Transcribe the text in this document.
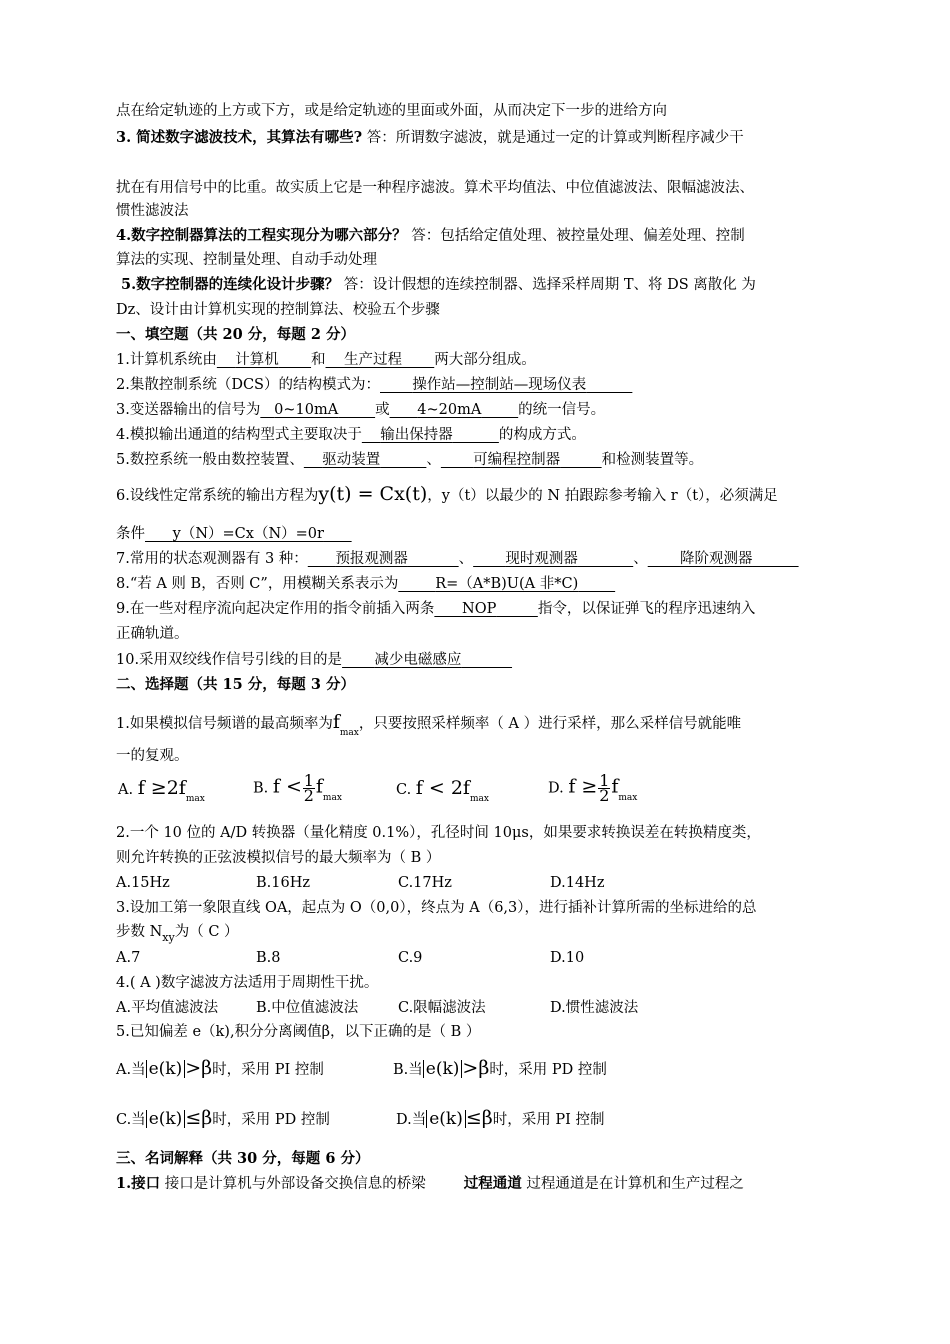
点在给定轨迹的上方或下方，或是给定轨迹的里面或外面，从而决定下一步的进给方向
3. 简述数字滤波技术，其算法有哪些? 答：所谓数字滤波，就是通过一定的计算或判断程序减少干
扰在有用信号中的比重。故实质上它是一种程序滤波。算术平均值法、中位值滤波法、限幅滤波法、
惯性滤波法
4.数字控制器算法的工程实现分为哪六部分？ 答：包括给定值处理、被控量处理、偏差处理、控制
算法的实现、控制量处理、自动手动处理
5.数字控制器的连续化设计步骤？ 答：设计假想的连续控制器、选择采样周期 T、将 DS 离散化 为
Dz、设计由计算机实现的控制算法、校验五个步骤
一、填空题（共 20 分，每题 2 分）
1.计算机系统由 计算机 和 生产过程 两大部分组成。
2.集散控制系统（DCS）的结构模式为： 操作站—控制站—现场仪表
3.变送器输出的信号为 0~10mA	或 4~20mA	的统一信号。
4.模拟输出通道的结构型式主要取决于 输出保持器	的构成方式。
5.数控系统一般由数控装置、 驱动装置	、 可编程控制器	和检测装置等。
6.设线性定常系统的输出方程为y(t) = Cx(t)，y（t）以最少的 N 拍跟踪参考输入 r（t），必须满足
条件 y（N）=Cx（N）=0r
7.常用的状态观测器有 3 种： 预报观测器	、 现时观测器	、 降阶观测器
8.“若 A 则 B，否则 C”，用模糊关系表示为	R=（A*B)U(A 非*C)
9.在一些对程序流向起决定作用的指令前插入两条 NOP	指令，以保证弹飞的程序迅速纳入
正确轨道。
10.采用双绞线作信号引线的目的是 减少电磁感应
二、选择题（共 15 分，每题 3 分）
1.如果模拟信号频谱的最高频率为$f_{max}$，只要按照采样频率（ A ）进行采样，那么采样信号就能唯
一的复观。
A. $f \ge 2f_{max}$
B. $f < \frac{1}{2} f_{max}$	C. $f < 2f_{max}$
D. $f \ge \frac{1}{2} f_{max}$
2.一个 10 位的 A/D 转换器（量化精度 0.1%），孔径时间 10μs，如果要求转换误差在转换精度类，
则允许转换的正弦波模拟信号的最大频率为（ B ）
A.15Hz	B.16Hz	C.17Hz	D.14Hz
3.设加工第一象限直线 OA，起点为 O（0,0），终点为 A（6,3），进行插补计算所需的坐标进给的总
步数 $N_{xy}$为（ C ）
A.7	B.8	C.9	D.10
4.( A )数字滤波方法适用于周期性干扰。
A.平均值滤波法	B.中位值滤波法	C.限幅滤波法	D.惯性滤波法
5.已知偏差 e（k),积分分离阈值β，以下正确的是（ B ）
A.当 e(k) >β时，采用 PI 控制	B.当 e(k) >β时，采用 PD 控制
C.当 e(k) ≤β时，采用 PD 控制	D.当 e(k) ≤β时，采用 PI 控制
三、名词解释（共 30 分，每题 6 分）
1.接口 接口是计算机与外部设备交换信息的桥梁	过程通道 过程通道是在计算机和生产过程之
